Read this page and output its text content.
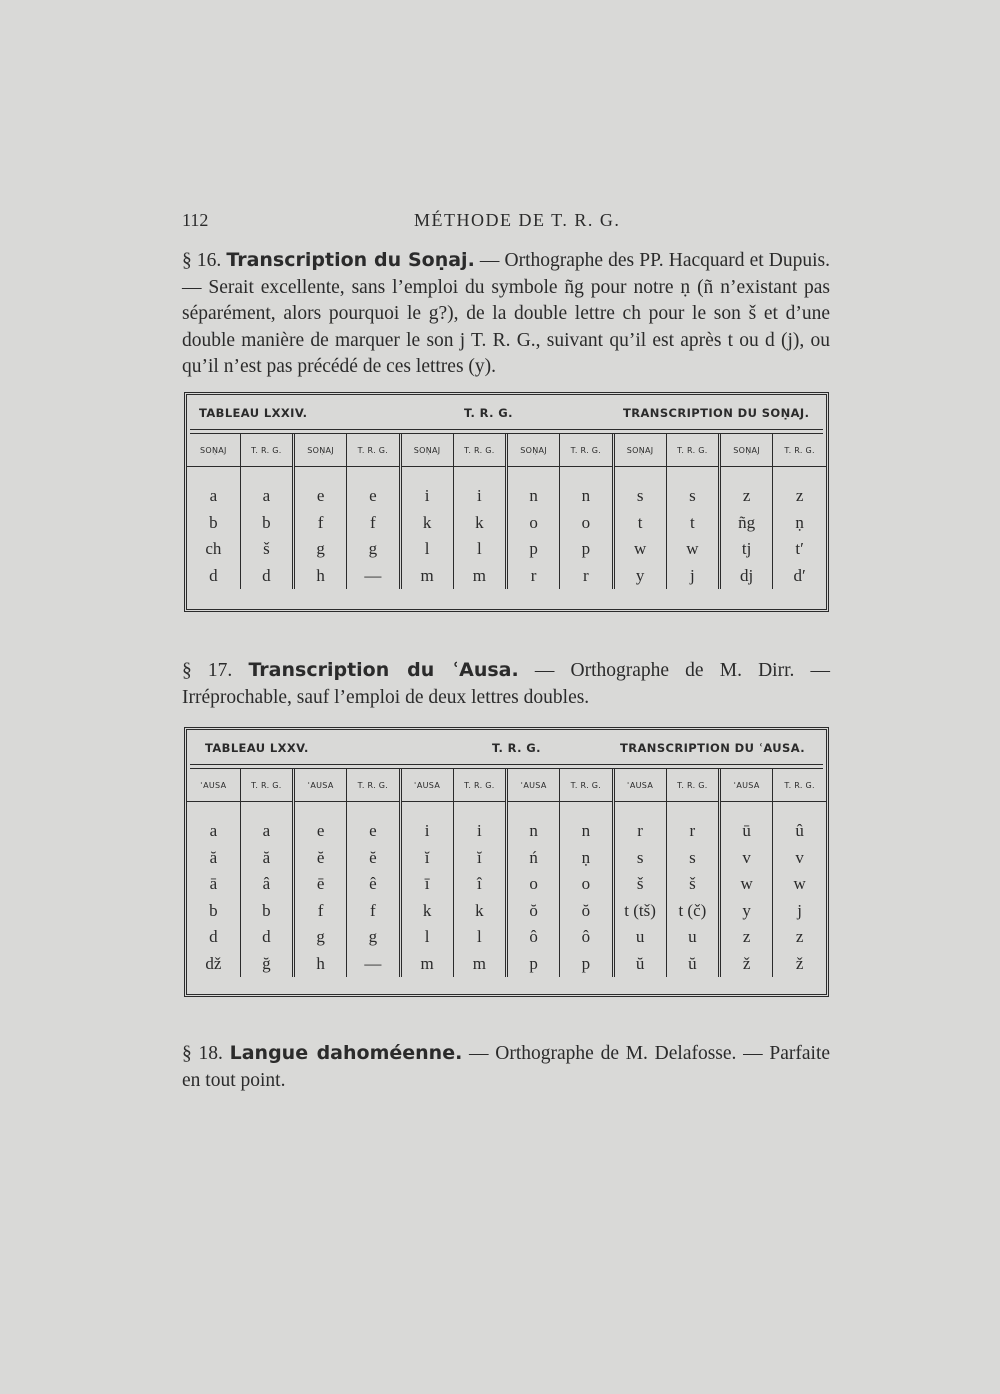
112	MÉTHODE DE T. R. G.
§ 16. Transcription du Soṇaj. — Orthographe des PP. Hacquard et Dupuis. — Serait excellente, sans l’emploi du symbole ñg pour notre ṇ (ñ n’existant pas séparément, alors pourquoi le g?), de la double lettre ch pour le son š et d’une double manière de marquer le son j T. R. G., suivant qu’il est après t ou d (j), ou qu’il n’est pas précédé de ces lettres (y).
TABLEAU LXXIV.	T. R. G.	TRANSCRIPTION DU SOṆAJ.
SOṆAJ	T. R. G.	SOṆAJ	T. R. G.	SOṆAJ	T. R. G.	SOṆAJ	T. R. G.	SOṆAJ	T. R. G.	SOṆAJ	T. R. G.

a	a	e	e	i	i	n	n	s	s	z	z
b	b	f	f	k	k	o	o	t	t	ñg	ṇ
ch	š	g	g	l	l	p	p	w	w	tj	t′
d	d	h	—	m	m	r	r	y	j	dj	d′
§ 17. Transcription du ʿAusa. — Orthographe de M. Dirr. — Irréprochable, sauf l’emploi de deux lettres doubles.
TABLEAU LXXV.	T. R. G.	TRANSCRIPTION DU ʿAUSA.
ʿAUSA	T. R. G.	ʿAUSA	T. R. G.	ʿAUSA	T. R. G.	ʿAUSA	T. R. G.	ʿAUSA	T. R. G.	ʿAUSA	T. R. G.

a	a	e	e	i	i	n	n	r	r	ū	û
ă	ă	ĕ	ĕ	ĭ	ĭ	ń	ṇ	s	s	v	v
ā	â	ē	ê	ī	î	o	o	š	š	w	w
b	b	f	f	k	k	ŏ	ŏ	t (tš)	t (č)	y	j
d	d	g	g	l	l	ô	ô	u	u	z	z
dž	ğ	h	—	m	m	p	p	ŭ	ŭ	ž	ž
§ 18. Langue dahoméenne. — Orthographe de M. Delafosse. — Parfaite en tout point.
